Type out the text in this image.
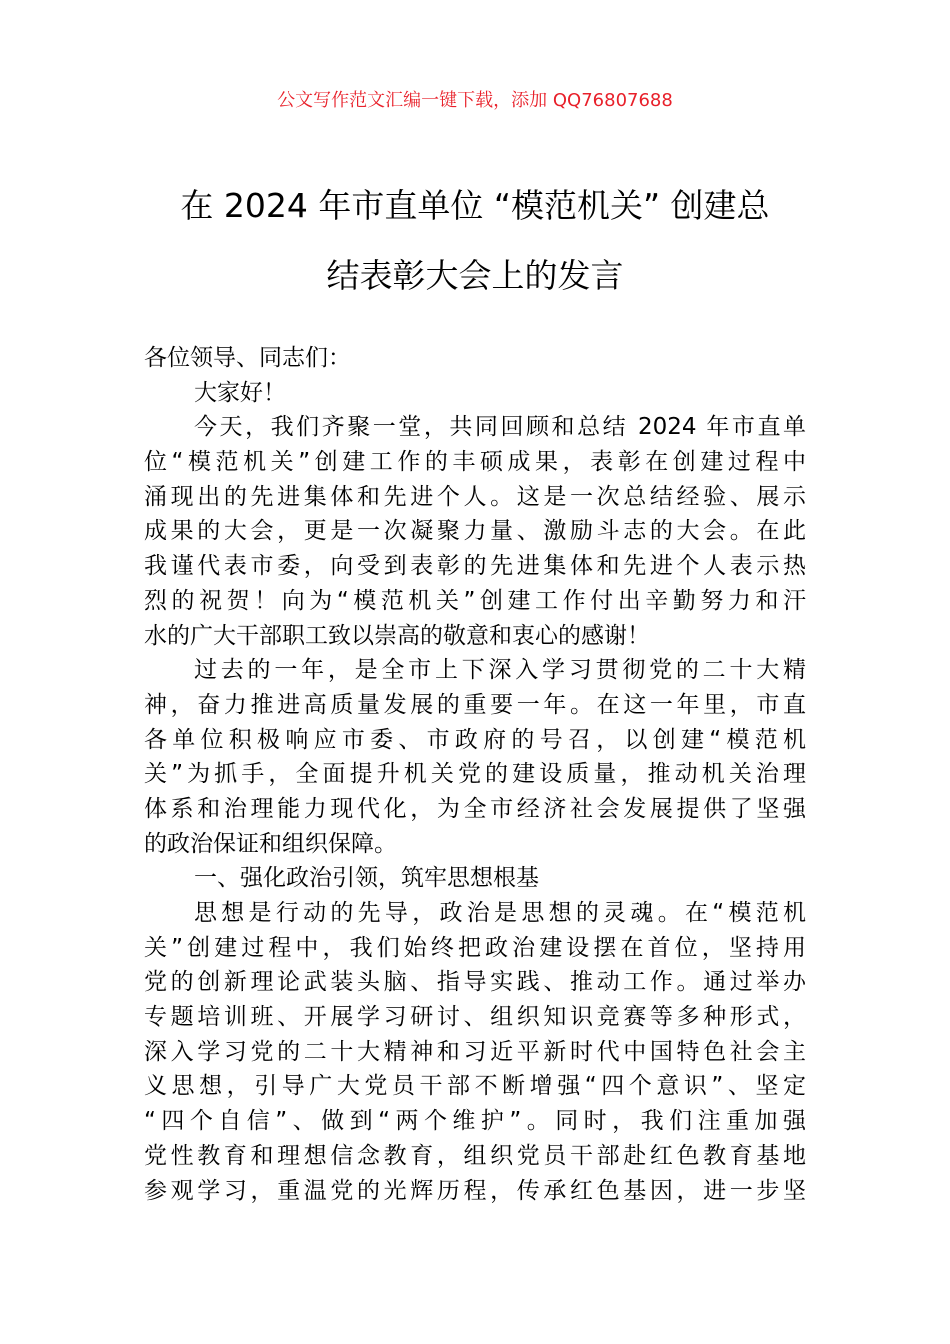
公文写作范文汇编一键下载，添加 QQ76807688
在 2024 年市直单位 “模范机关” 创建总
结表彰大会上的发言
各位领导、同志们：
大家好！
今天，我们齐聚一堂，共同回顾和总结 2024 年市直单
位“模范机关”创建工作的丰硕成果，表彰在创建过程中
涌现出的先进集体和先进个人。这是一次总结经验、展示
成果的大会，更是一次凝聚力量、激励斗志的大会。在此
我谨代表市委，向受到表彰的先进集体和先进个人表示热
烈的祝贺！向为“模范机关”创建工作付出辛勤努力和汗
水的广大干部职工致以崇高的敬意和衷心的感谢！
过去的一年，是全市上下深入学习贯彻党的二十大精
神，奋力推进高质量发展的重要一年。在这一年里，市直
各单位积极响应市委、市政府的号召，以创建“模范机
关”为抓手，全面提升机关党的建设质量，推动机关治理
体系和治理能力现代化，为全市经济社会发展提供了坚强
的政治保证和组织保障。
一、强化政治引领，筑牢思想根基
思想是行动的先导，政治是思想的灵魂。在“模范机
关”创建过程中，我们始终把政治建设摆在首位，坚持用
党的创新理论武装头脑、指导实践、推动工作。通过举办
专题培训班、开展学习研讨、组织知识竞赛等多种形式，
深入学习党的二十大精神和习近平新时代中国特色社会主
义思想，引导广大党员干部不断增强“四个意识”、坚定
“四个自信”、做到“两个维护”。同时，我们注重加强
党性教育和理想信念教育，组织党员干部赴红色教育基地
参观学习，重温党的光辉历程，传承红色基因，进一步坚
